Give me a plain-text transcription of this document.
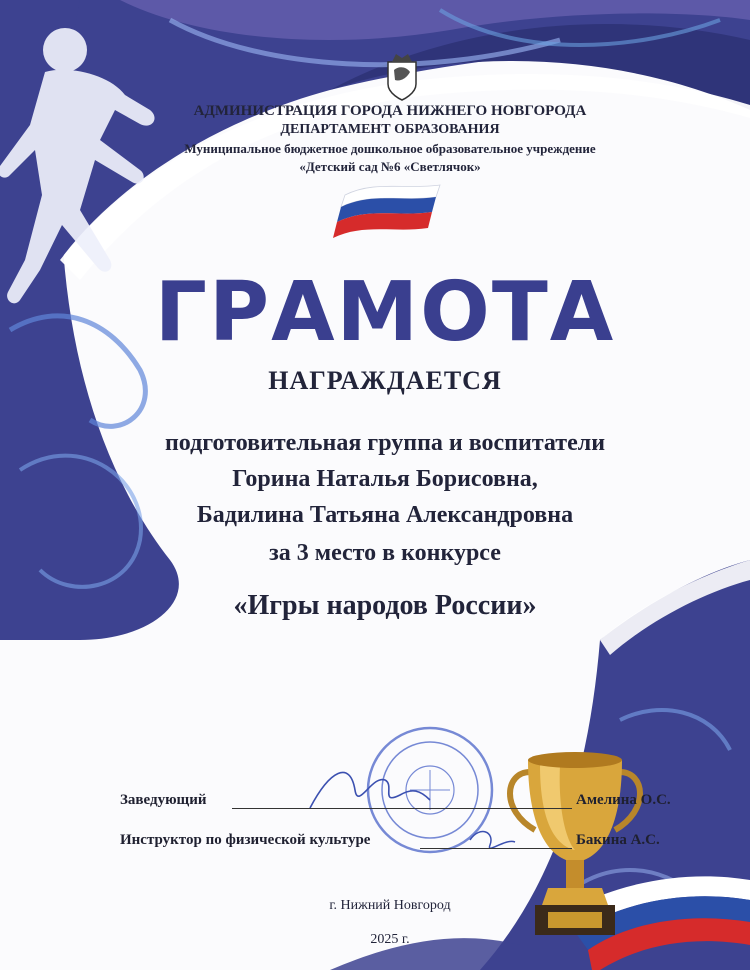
АДМИНИСТРАЦИЯ ГОРОДА НИЖНЕГО НОВГОРОДА
ДЕПАРТАМЕНТ ОБРАЗОВАНИЯ
Муниципальное бюджетное дошкольное образовательное учреждение
«Детский сад №6 «Светлячок»
ГРАМОТА
НАГРАЖДАЕТСЯ
подготовительная группа и воспитатели
Горина Наталья Борисовна,
Бадилина Татьяна Александровна
за 3 место в конкурсе
«Игры народов России»
Заведующий	Амелина О.С.
Инструктор по физической культуре	Бакина А.С.
г. Нижний Новгород
2025 г.
